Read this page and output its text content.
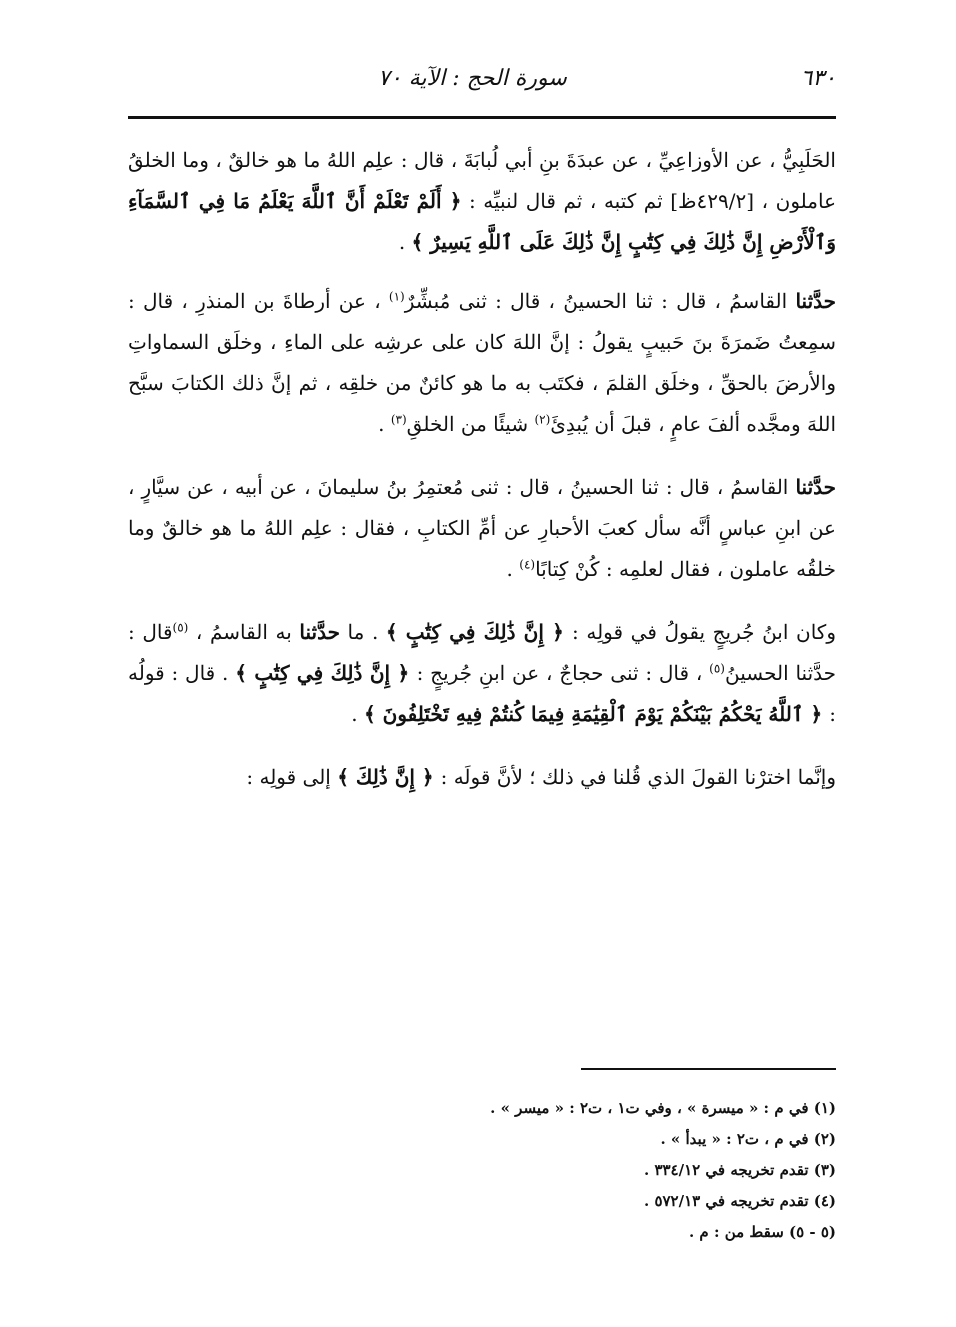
٦٣٠
سورة الحج : الآية ٧٠

الحَلَبِيُّ ، عن الأوزاعِيِّ ، عن عبدَةَ بنِ أبي لُبابَةَ ، قال : علِم اللهُ ما هو خالقٌ ، وما الخلقُ عاملون ، [٤٢٩/٢ظ] ثم كتبه ، ثم قال لنبيِّه : ﴿ أَلَمْ تَعْلَمْ أَنَّ ٱللَّهَ يَعْلَمُ مَا فِي ٱلسَّمَآءِ وَٱلْأَرْضِ إِنَّ ذَٰلِكَ فِي كِتَٰبٍ إِنَّ ذَٰلِكَ عَلَى ٱللَّهِ يَسِيرٌ ﴾ .

حدَّثنا القاسمُ ، قال : ثنا الحسينُ ، قال : ثنى مُبشِّرٌ$^{(١)}$ ، عن أرطاةَ بن المنذرِ ، قال : سمِعتُ ضَمرَةَ بنَ حَبيبٍ يقولُ : إنَّ اللهَ كان على عرشِه على الماءِ ، وخلَق السماواتِ والأرضَ بالحقِّ ، وخلَق القلمَ ، فكتَب به ما هو كائنٌ من خلقِه ، ثم إنَّ ذلك الكتابَ سبَّح اللهَ ومجَّده ألفَ عامٍ ، قبلَ أن يُبدِئَ$^{(٢)}$ شيئًا من الخلقِ$^{(٣)}$ .

حدَّثنا القاسمُ ، قال : ثنا الحسينُ ، قال : ثنى مُعتمِرُ بنُ سليمانَ ، عن أبيه ، عن سيَّارٍ ، عن ابنِ عباسٍ أنَّه سأل كعبَ الأحبارِ عن أمِّ الكتابِ ، فقال : علِم اللهُ ما هو خالقٌ وما خلقُه عاملون ، فقال لعلمِه : كُنْ كِتابًا$^{(٤)}$ .

وكان ابنُ جُريجٍ يقولُ في قولِه : ﴿ إِنَّ ذَٰلِكَ فِي كِتَٰبٍ ﴾ . ما حدَّثنا به القاسمُ ، $^{(٥)}$قال : حدَّثنا الحسينُ$^{(٥)}$ ، قال : ثنى حجاجٌ ، عن ابنِ جُريجٍ : ﴿ إِنَّ ذَٰلِكَ فِي كِتَٰبٍ ﴾ . قال : قولُه : ﴿ ٱللَّهُ يَحْكُمُ بَيْنَكُمْ يَوْمَ ٱلْقِيَٰمَةِ فِيمَا كُنتُمْ فِيهِ تَخْتَلِفُونَ ﴾ .

وإنَّما اخترْنا القولَ الذي قُلنا في ذلك ؛ لأنَّ قولَه : ﴿ إِنَّ ذَٰلِكَ ﴾ إلى قولِه :

(١) في م : « ميسرة » ، وفي ت١ ، ت٢ : « ميسر » .
(٢) في م ، ت٢ : « يبدأ » .
(٣) تقدم تخريجه في ٣٣٤/١٢ .
(٤) تقدم تخريجه في ٥٧٢/١٣ .
(٥ - ٥) سقط من : م .
